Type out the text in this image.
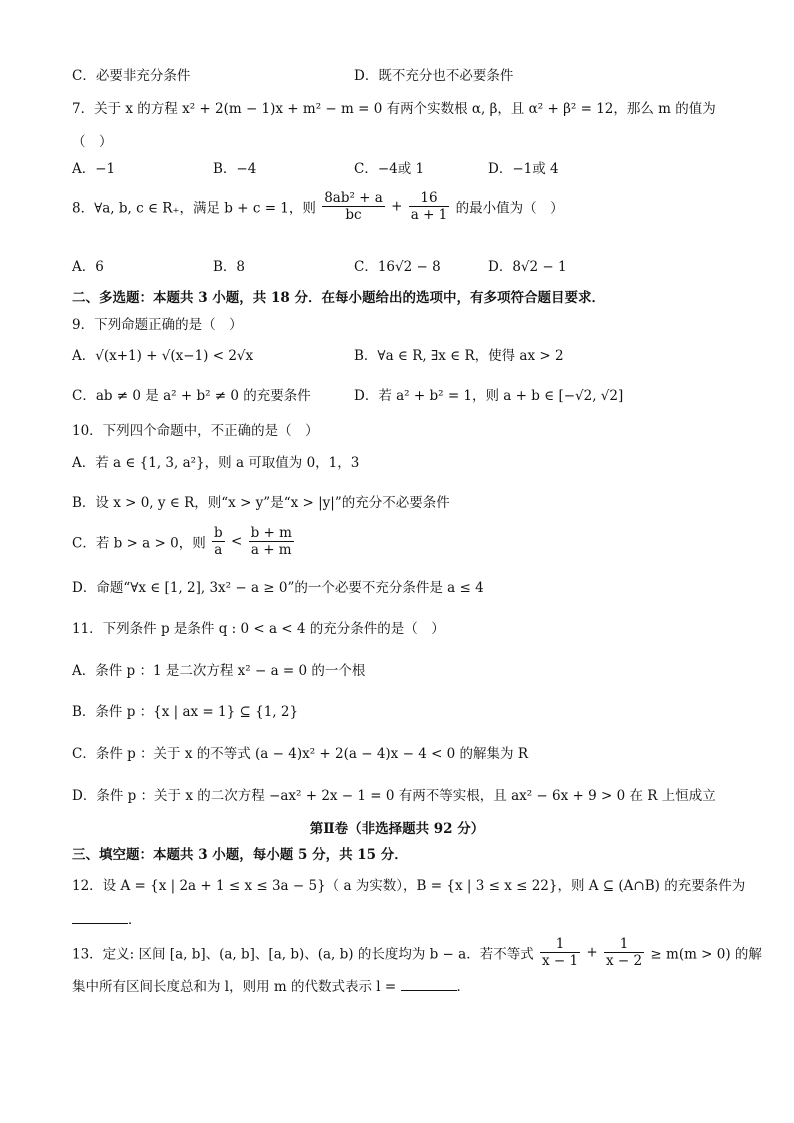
C．必要非充分条件	D．既不充分也不必要条件
7．关于 x 的方程 x² + 2(m − 1)x + m² − m = 0 有两个实数根 α, β，且 α² + β² = 12，那么 m 的值为
（　）
A．−1	B．−4	C．−4或 1	D．−1或 4
8．∀a, b, c ∈ R₊，满足 b + c = 1，则 $\frac{\text{8ab² + a}}{bc} + \frac{16}{a + 1}$ 的最小值为（　）
A．6	B．8	C．16√2 − 8	D．8√2 − 1
二、多选题：本题共 3 小题，共 18 分．在每小题给出的选项中，有多项符合题目要求．
9．下列命题正确的是（　）
A．√(x+1) + √(x−1) < 2√x	B．∀a ∈ R, ∃x ∈ R，使得 ax > 2
C．ab ≠ 0 是 a² + b² ≠ 0 的充要条件	D．若 a² + b² = 1，则 a + b ∈ [−√2, √2]
10．下列四个命题中，不正确的是（　）
A．若 a ∈ {1, 3, a²}，则 a 可取值为 0，1，3
B．设 x > 0, y ∈ R，则“x > y”是“x > |y|”的充分不必要条件
C．若 b > a > 0，则 $\frac{b}{a} < \frac{b + m}{a + m}$
D．命题“∀x ∈ [1, 2], 3x² − a ≥ 0”的一个必要不充分条件是 a ≤ 4
11．下列条件 p 是条件 q : 0 < a < 4 的充分条件的是（　）
A．条件 p ：1 是二次方程 x² − a = 0 的一个根
B．条件 p ：{x | ax = 1} ⊆ {1, 2}
C．条件 p ：关于 x 的不等式 (a − 4)x² + 2(a − 4)x − 4 < 0 的解集为 R
D．条件 p ：关于 x 的二次方程 −ax² + 2x − 1 = 0 有两不等实根，且 ax² − 6x + 9 > 0 在 R 上恒成立
第Ⅱ卷（非选择题共 92 分）
三、填空题：本题共 3 小题，每小题 5 分，共 15 分．
12．设 A = {x | 2a + 1 ≤ x ≤ 3a − 5}（ a 为实数），B = {x | 3 ≤ x ≤ 22}，则 A ⊆ (A∩B) 的充要条件为
．
13．定义: 区间 [a, b]、(a, b]、[a, b)、(a, b) 的长度均为 b − a．若不等式 $\frac{1}{x - 1} + \frac{1}{x - 2} \ge m(m > 0)$ 的解
集中所有区间长度总和为 l，则用 m 的代数式表示 l =	．
